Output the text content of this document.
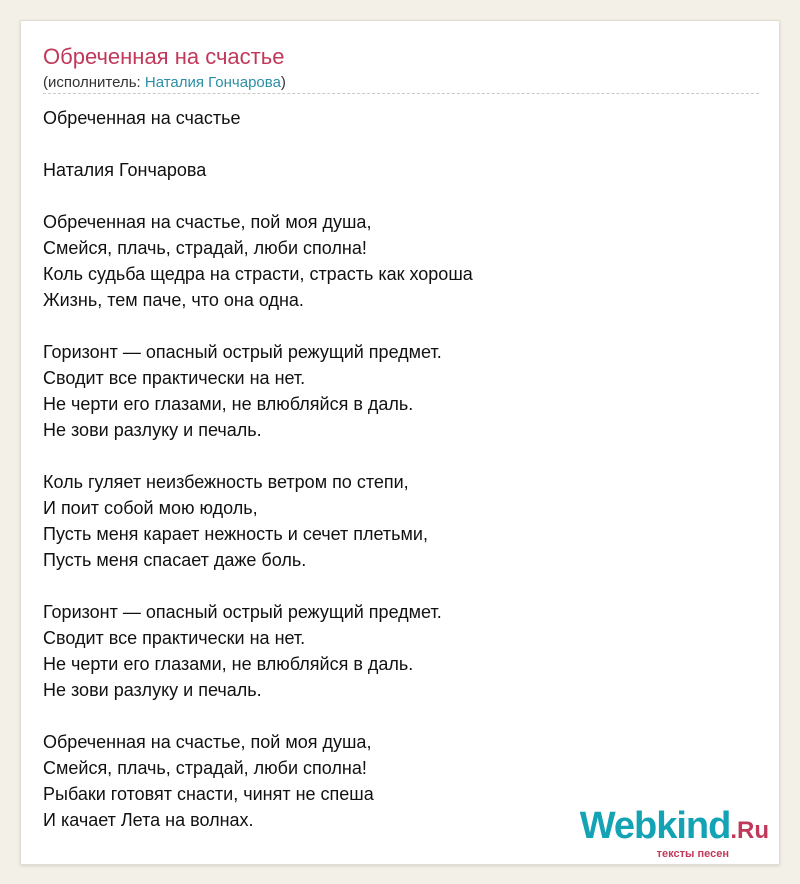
Обреченная на счастье
(исполнитель: Наталия Гончарова)
Обреченная на счастье
Наталия Гончарова
Обреченная на счастье, пой моя душа,
Смейся, плачь, страдай, люби сполна!
Коль судьба щедра на страсти, страсть как хороша
Жизнь, тем паче, что она одна.
Горизонт — опасный острый режущий предмет.
Сводит все практически на нет.
Не черти его глазами, не влюбляйся в даль.
Не зови разлуку и печаль.
Коль гуляет неизбежность ветром по степи,
И поит собой мою юдоль,
Пусть меня карает нежность и сечет плетьми,
Пусть меня спасает даже боль.
Горизонт — опасный острый режущий предмет.
Сводит все практически на нет.
Не черти его глазами, не влюбляйся в даль.
Не зови разлуку и печаль.
Обреченная на счастье, пой моя душа,
Смейся, плачь, страдай, люби сполна!
Рыбаки готовят снасти, чинят не спеша
И качает Лета на волнах.	Webkind.Ru
тексты песен
